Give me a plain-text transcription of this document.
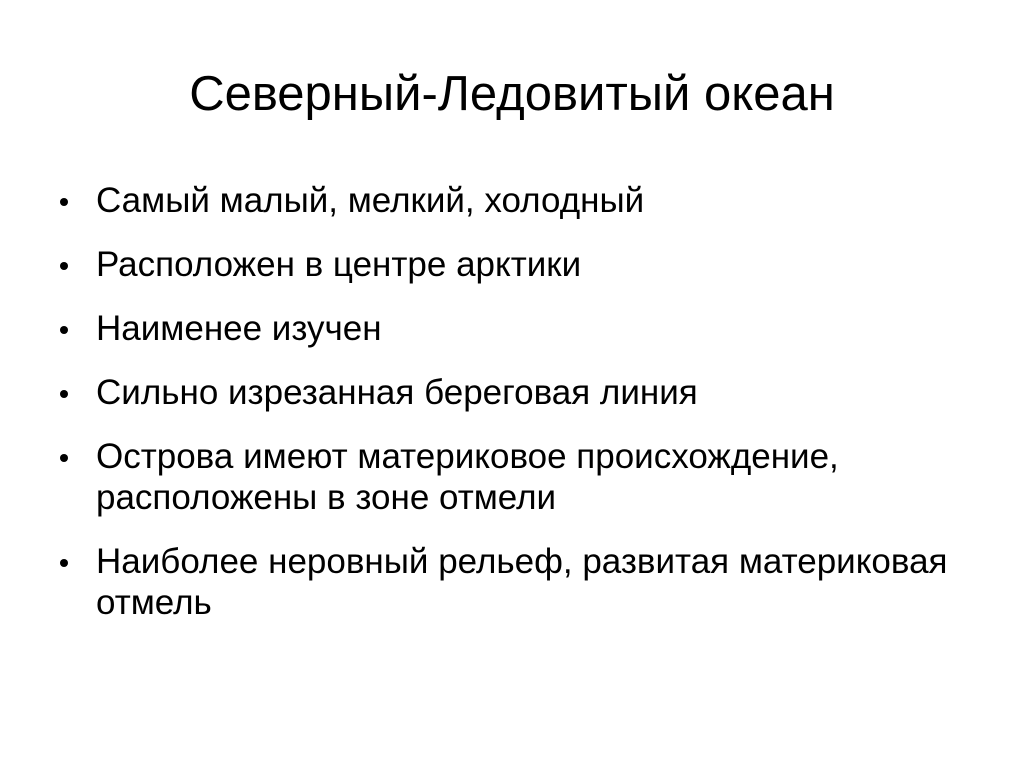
Северный-Ледовитый океан
Самый малый, мелкий, холодный
Расположен в центре арктики
Наименее изучен
Сильно изрезанная береговая линия
Острова имеют материковое происхождение, расположены в зоне отмели
Наиболее неровный рельеф, развитая материковая отмель
